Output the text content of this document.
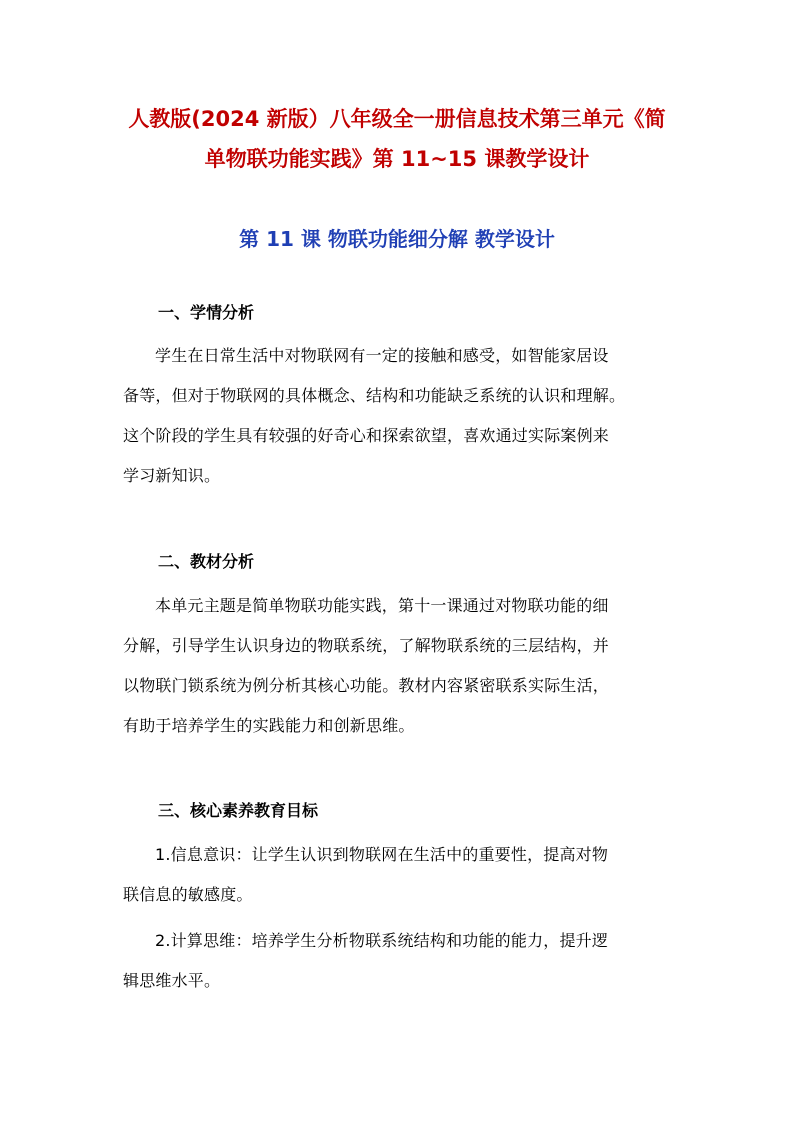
人教版(2024 新版）八年级全一册信息技术第三单元《简
单物联功能实践》第 11~15 课教学设计
第 11 课 物联功能细分解 教学设计
一、学情分析
学生在日常生活中对物联网有一定的接触和感受，如智能家居设
备等，但对于物联网的具体概念、结构和功能缺乏系统的认识和理解。
这个阶段的学生具有较强的好奇心和探索欲望，喜欢通过实际案例来
学习新知识。
二、教材分析
本单元主题是简单物联功能实践，第十一课通过对物联功能的细
分解，引导学生认识身边的物联系统，了解物联系统的三层结构，并
以物联门锁系统为例分析其核心功能。教材内容紧密联系实际生活，
有助于培养学生的实践能力和创新思维。
三、核心素养教育目标
1.信息意识：让学生认识到物联网在生活中的重要性，提高对物
联信息的敏感度。
2.计算思维：培养学生分析物联系统结构和功能的能力，提升逻
辑思维水平。
